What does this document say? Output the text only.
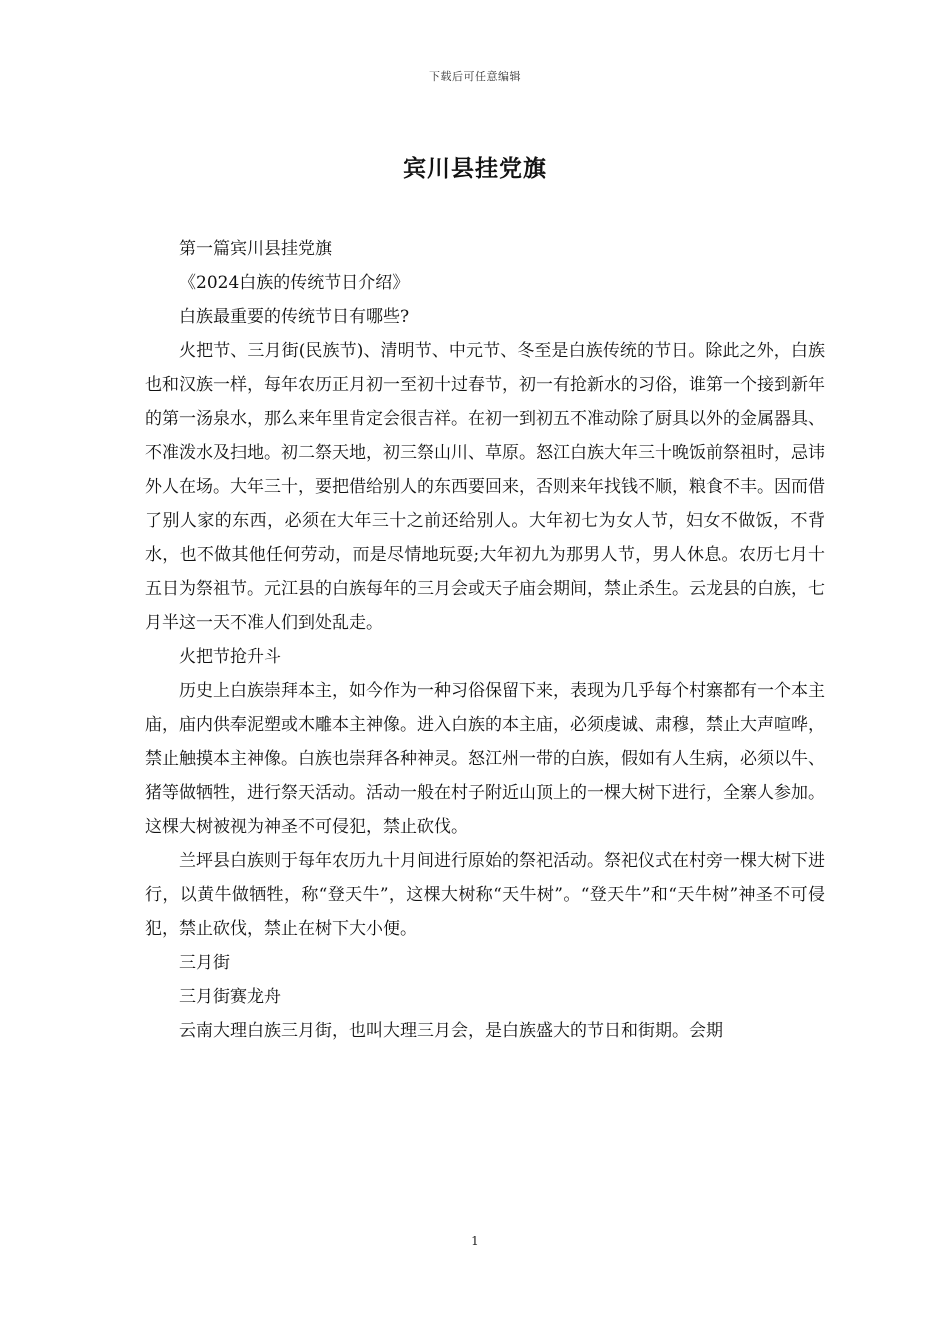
下载后可任意编辑
宾川县挂党旗

第一篇宾川县挂党旗

《2024白族的传统节日介绍》

白族最重要的传统节日有哪些?

火把节、三月街(民族节)、清明节、中元节、冬至是白族传统的节日。除此之外，白族也和汉族一样，每年农历正月初一至初十过春节，初一有抢新水的习俗，谁第一个接到新年的第一汤泉水，那么来年里肯定会很吉祥。在初一到初五不准动除了厨具以外的金属器具、不准泼水及扫地。初二祭天地，初三祭山川、草原。怒江白族大年三十晚饭前祭祖时，忌讳外人在场。大年三十，要把借给别人的东西要回来，否则来年找钱不顺，粮食不丰。因而借了别人家的东西，必须在大年三十之前还给别人。大年初七为女人节，妇女不做饭，不背水，也不做其他任何劳动，而是尽情地玩耍;大年初九为那男人节，男人休息。农历七月十五日为祭祖节。元江县的白族每年的三月会或天子庙会期间，禁止杀生。云龙县的白族，七月半这一天不准人们到处乱走。

火把节抢升斗

历史上白族崇拜本主，如今作为一种习俗保留下来，表现为几乎每个村寨都有一个本主庙，庙内供奉泥塑或木雕本主神像。进入白族的本主庙，必须虔诚、肃穆，禁止大声喧哗，禁止触摸本主神像。白族也崇拜各种神灵。怒江州一带的白族，假如有人生病，必须以牛、猪等做牺牲，进行祭天活动。活动一般在村子附近山顶上的一棵大树下进行，全寨人参加。这棵大树被视为神圣不可侵犯，禁止砍伐。

兰坪县白族则于每年农历九十月间进行原始的祭祀活动。祭祀仪式在村旁一棵大树下进行，以黄牛做牺牲，称“登天牛”，这棵大树称“天牛树”。“登天牛”和“天牛树”神圣不可侵犯，禁止砍伐，禁止在树下大小便。

三月街

三月街赛龙舟

云南大理白族三月街，也叫大理三月会，是白族盛大的节日和街期。会期

1
